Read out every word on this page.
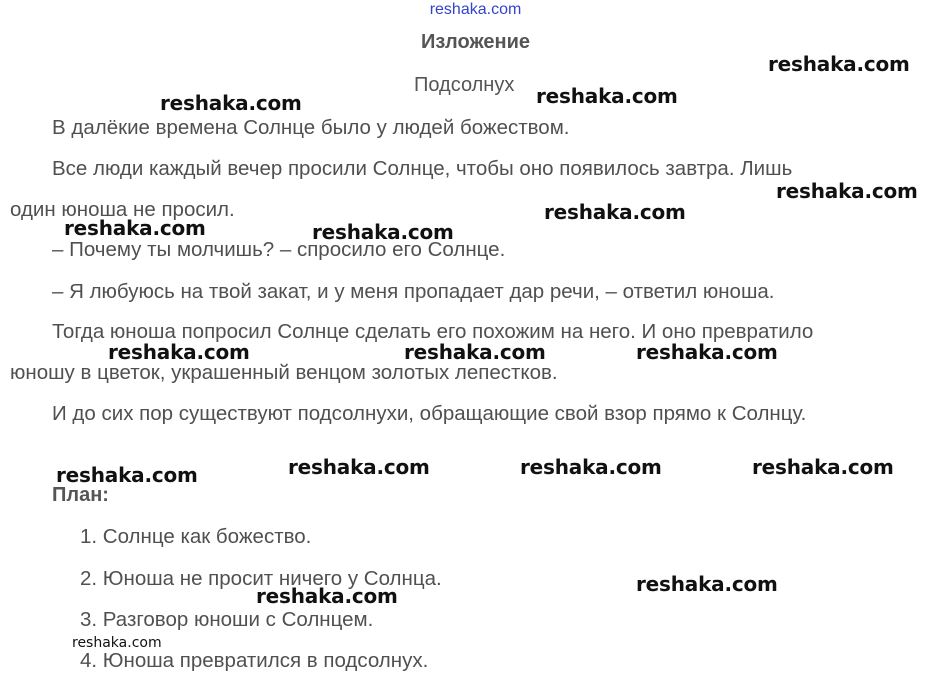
reshaka.com
Изложение
Подсолнух
В далёкие времена Солнце было у людей божеством.
Все люди каждый вечер просили Солнце, чтобы оно появилось завтра. Лишь
один юноша не просил.
– Почему ты молчишь? – спросило его Солнце.
– Я любуюсь на твой закат, и у меня пропадает дар речи, – ответил юноша.
Тогда юноша попросил Солнце сделать его похожим на него. И оно превратило
юношу в цветок, украшенный венцом золотых лепестков.
И до сих пор существуют подсолнухи, обращающие свой взор прямо к Солнцу.
План:
1. Солнце как божество.
2. Юноша не просит ничего у Солнца.
3. Разговор юноши с Солнцем.
4. Юноша превратился в подсолнух.
reshaka.com
reshaka.com	reshaka.com
reshaka.com
reshaka.com
reshaka.com	reshaka.com
reshaka.com	reshaka.com	reshaka.com
reshaka.com	reshaka.com	reshaka.com	reshaka.com
reshaka.com
reshaka.com
reshaka.com
